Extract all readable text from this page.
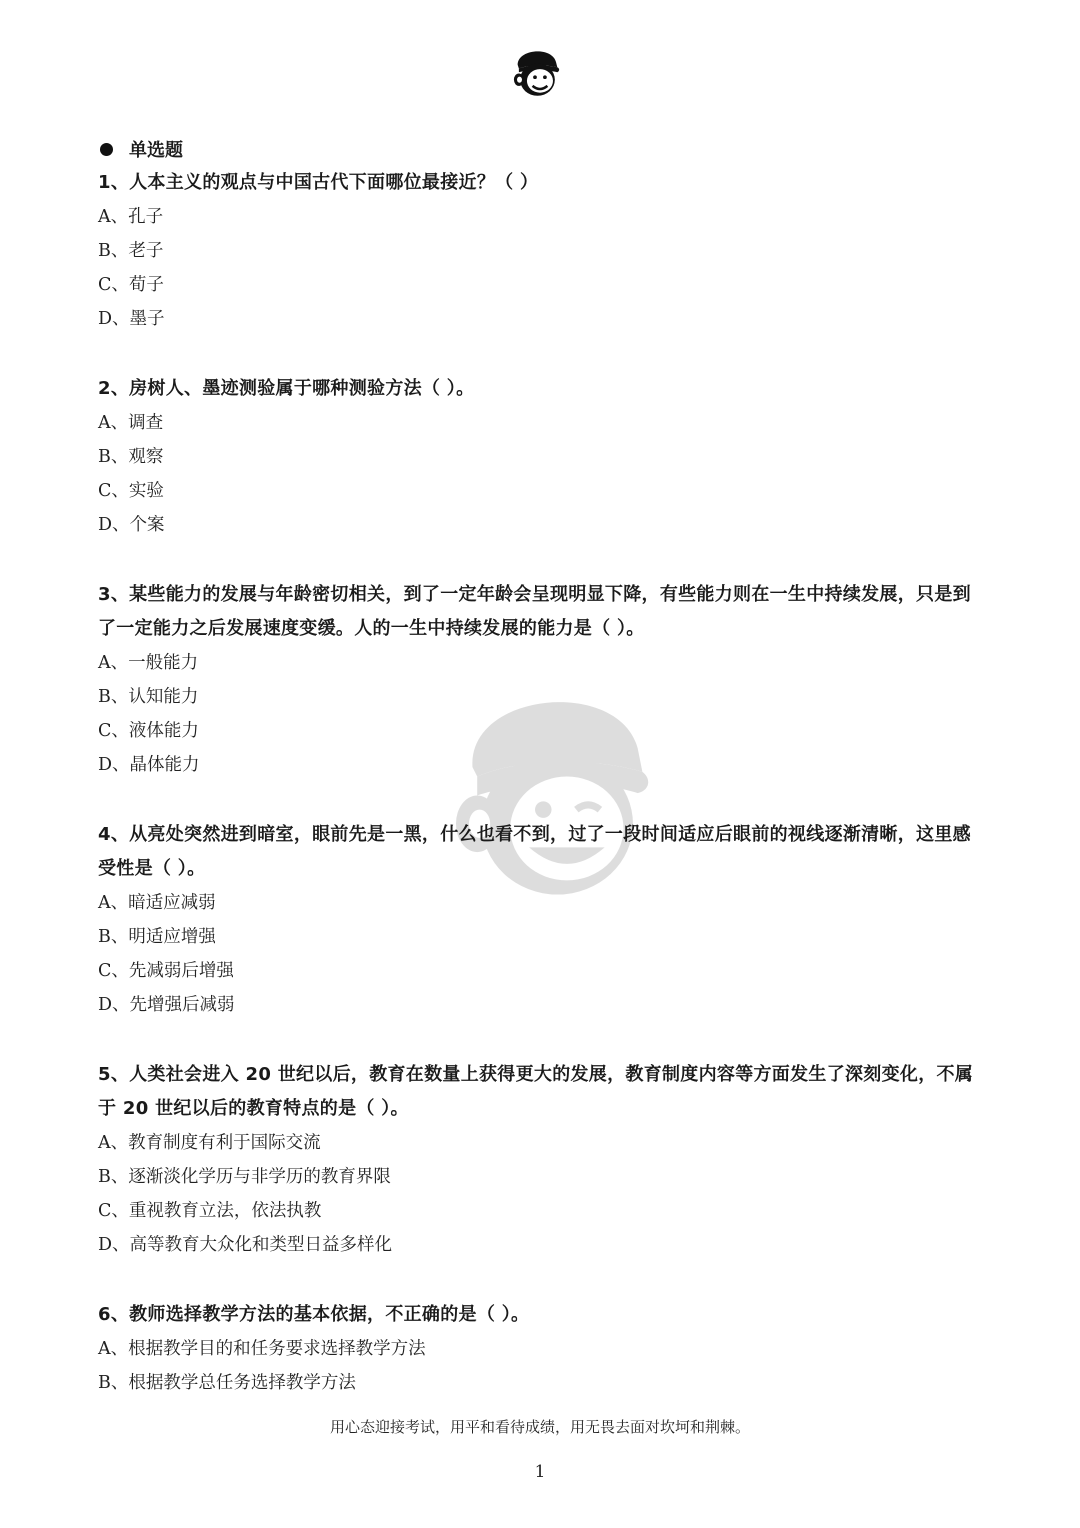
单选题
1、人本主义的观点与中国古代下面哪位最接近？（ ）
A、孔子
B、老子
C、荀子
D、墨子
2、房树人、墨迹测验属于哪种测验方法（ ）。
A、调查
B、观察
C、实验
D、个案
3、某些能力的发展与年龄密切相关，到了一定年龄会呈现明显下降，有些能力则在一生中持续发展，只是到了一定能力之后发展速度变缓。人的一生中持续发展的能力是（ ）。
A、一般能力
B、认知能力
C、液体能力
D、晶体能力
4、从亮处突然进到暗室，眼前先是一黑，什么也看不到，过了一段时间适应后眼前的视线逐渐清晰，这里感受性是（ ）。
A、暗适应减弱
B、明适应增强
C、先减弱后增强
D、先增强后减弱
5、人类社会进入 20 世纪以后，教育在数量上获得更大的发展，教育制度内容等方面发生了深刻变化，不属于 20 世纪以后的教育特点的是（ ）。
A、教育制度有利于国际交流
B、逐渐淡化学历与非学历的教育界限
C、重视教育立法，依法执教
D、高等教育大众化和类型日益多样化
6、教师选择教学方法的基本依据，不正确的是（ ）。
A、根据教学目的和任务要求选择教学方法
B、根据教学总任务选择教学方法
用心态迎接考试，用平和看待成绩，用无畏去面对坎坷和荆棘。
1
